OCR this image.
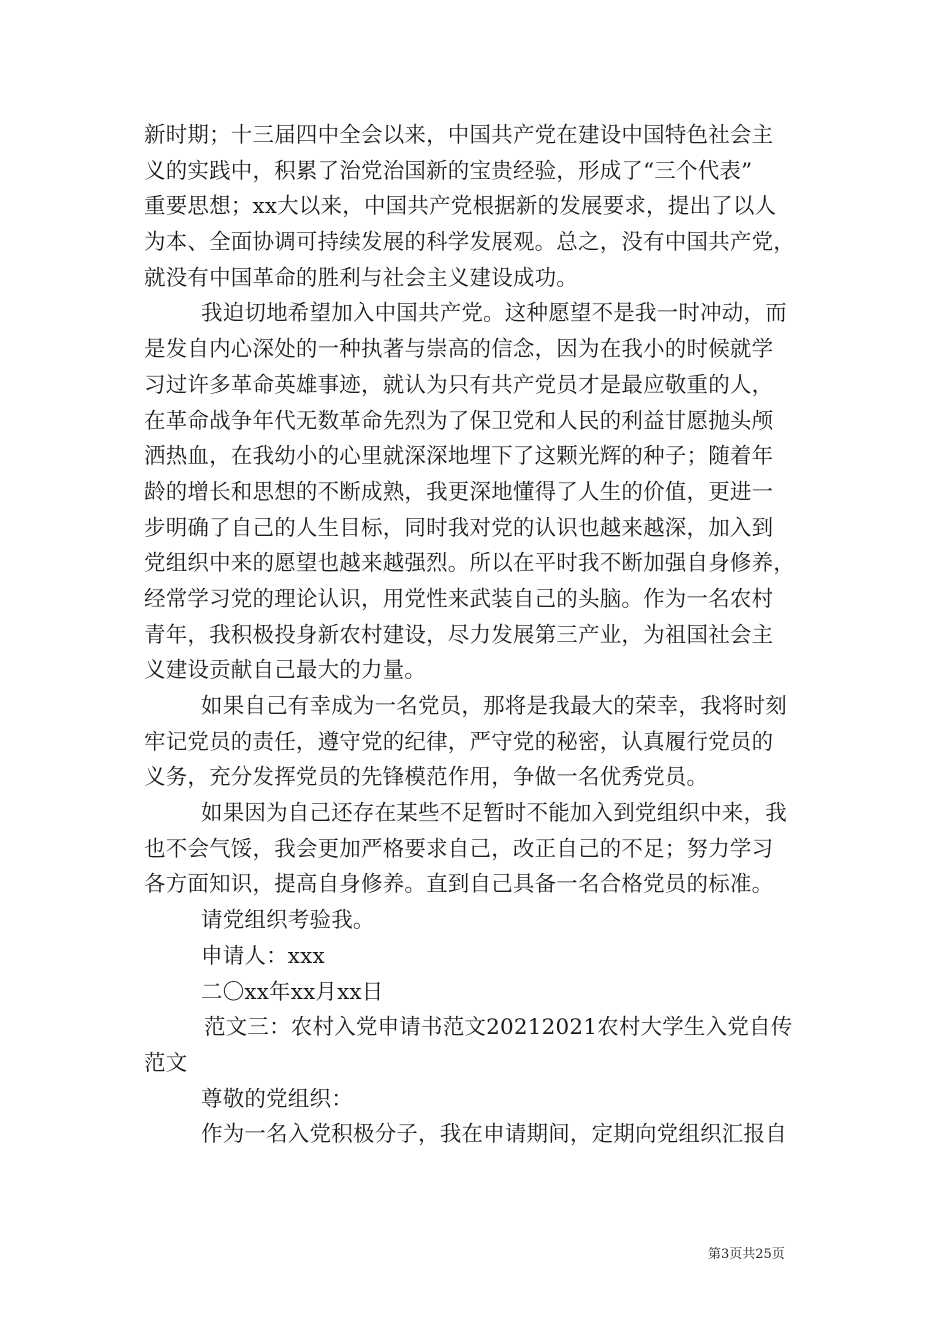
新时期；十三届四中全会以来，中国共产党在建设中国特色社会主
义的实践中，积累了治党治国新的宝贵经验，形成了“三个代表”
重要思想；xx大以来，中国共产党根据新的发展要求，提出了以人
为本、全面协调可持续发展的科学发展观。总之，没有中国共产党，
就没有中国革命的胜利与社会主义建设成功。
我迫切地希望加入中国共产党。这种愿望不是我一时冲动，而
是发自内心深处的一种执著与崇高的信念，因为在我小的时候就学
习过许多革命英雄事迹，就认为只有共产党员才是最应敬重的人，
在革命战争年代无数革命先烈为了保卫党和人民的利益甘愿抛头颅
洒热血，在我幼小的心里就深深地埋下了这颗光辉的种子；随着年
龄的增长和思想的不断成熟，我更深地懂得了人生的价值，更进一
步明确了自己的人生目标，同时我对党的认识也越来越深，加入到
党组织中来的愿望也越来越强烈。所以在平时我不断加强自身修养，
经常学习党的理论认识，用党性来武装自己的头脑。作为一名农村
青年，我积极投身新农村建设，尽力发展第三产业，为祖国社会主
义建设贡献自己最大的力量。
如果自己有幸成为一名党员，那将是我最大的荣幸，我将时刻
牢记党员的责任，遵守党的纪律，严守党的秘密，认真履行党员的
义务，充分发挥党员的先锋模范作用，争做一名优秀党员。
如果因为自己还存在某些不足暂时不能加入到党组织中来，我
也不会气馁，我会更加严格要求自己，改正自己的不足；努力学习
各方面知识，提高自身修养。直到自己具备一名合格党员的标准。
请党组织考验我。
申请人：xxx
二〇xx年xx月xx日
范文三：农村入党申请书范文20212021农村大学生入党自传
范文
尊敬的党组织：
作为一名入党积极分子，我在申请期间，定期向党组织汇报自
第3页共25页
